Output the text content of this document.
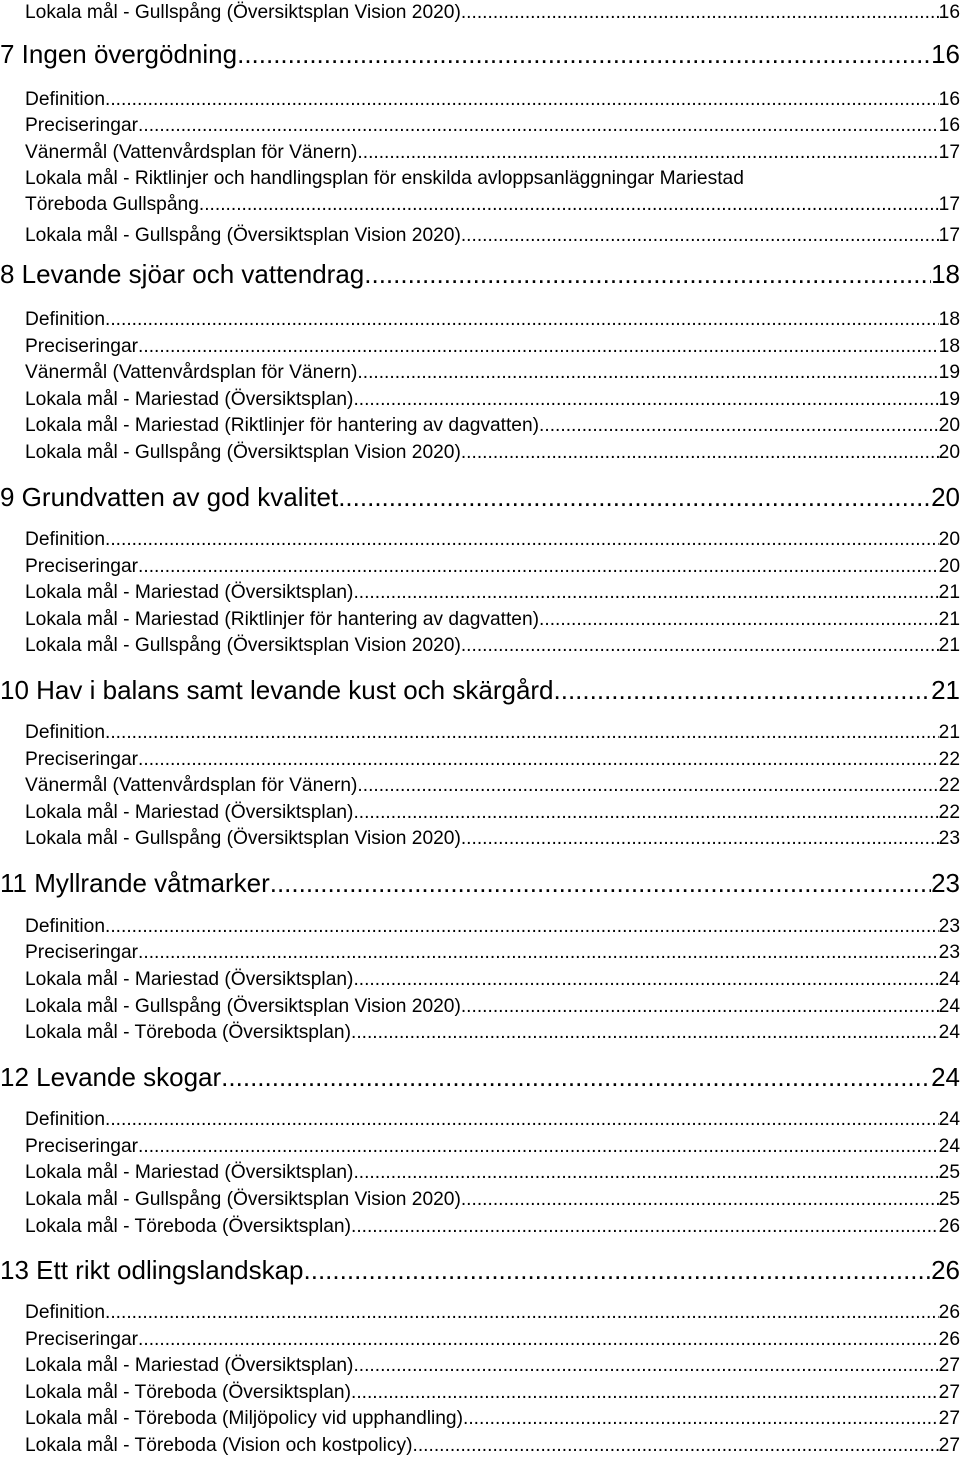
Lokala mål - Gullspång (Översiktsplan Vision 2020) .....	16
7 Ingen övergödning .....	16
Definition .....	16
Preciseringar .....	16
Vänermål (Vattenvårdsplan för Vänern) .....	17
Lokala mål - Riktlinjer och handlingsplan för enskilda avloppsanläggningar Mariestad
Töreboda Gullspång .....	17
Lokala mål - Gullspång (Översiktsplan Vision 2020) .....	17
8 Levande sjöar och vattendrag .....	18
Definition .....	18
Preciseringar .....	18
Vänermål (Vattenvårdsplan för Vänern) .....	19
Lokala mål - Mariestad (Översiktsplan) .....	19
Lokala mål - Mariestad (Riktlinjer för hantering av dagvatten) .....	20
Lokala mål - Gullspång (Översiktsplan Vision 2020) .....	20
9 Grundvatten av god kvalitet .....	20
Definition .....	20
Preciseringar .....	20
Lokala mål - Mariestad (Översiktsplan) .....	21
Lokala mål - Mariestad (Riktlinjer för hantering av dagvatten) .....	21
Lokala mål - Gullspång (Översiktsplan Vision 2020) .....	21
10 Hav i balans samt levande kust och skärgård .....	21
Definition .....	21
Preciseringar .....	22
Vänermål (Vattenvårdsplan för Vänern) .....	22
Lokala mål - Mariestad (Översiktsplan) .....	22
Lokala mål - Gullspång (Översiktsplan Vision 2020) .....	23
11 Myllrande våtmarker .....	23
Definition .....	23
Preciseringar .....	23
Lokala mål - Mariestad (Översiktsplan) .....	24
Lokala mål - Gullspång (Översiktsplan Vision 2020) .....	24
Lokala mål - Töreboda (Översiktsplan) .....	24
12 Levande skogar .....	24
Definition .....	24
Preciseringar .....	24
Lokala mål - Mariestad (Översiktsplan) .....	25
Lokala mål - Gullspång (Översiktsplan Vision 2020) .....	25
Lokala mål - Töreboda (Översiktsplan) .....	26
13 Ett rikt odlingslandskap .....	26
Definition .....	26
Preciseringar .....	26
Lokala mål - Mariestad (Översiktsplan) .....	27
Lokala mål - Töreboda (Översiktsplan) .....	27
Lokala mål - Töreboda (Miljöpolicy vid upphandling) .....	27
Lokala mål - Töreboda (Vision och kostpolicy) .....	27
